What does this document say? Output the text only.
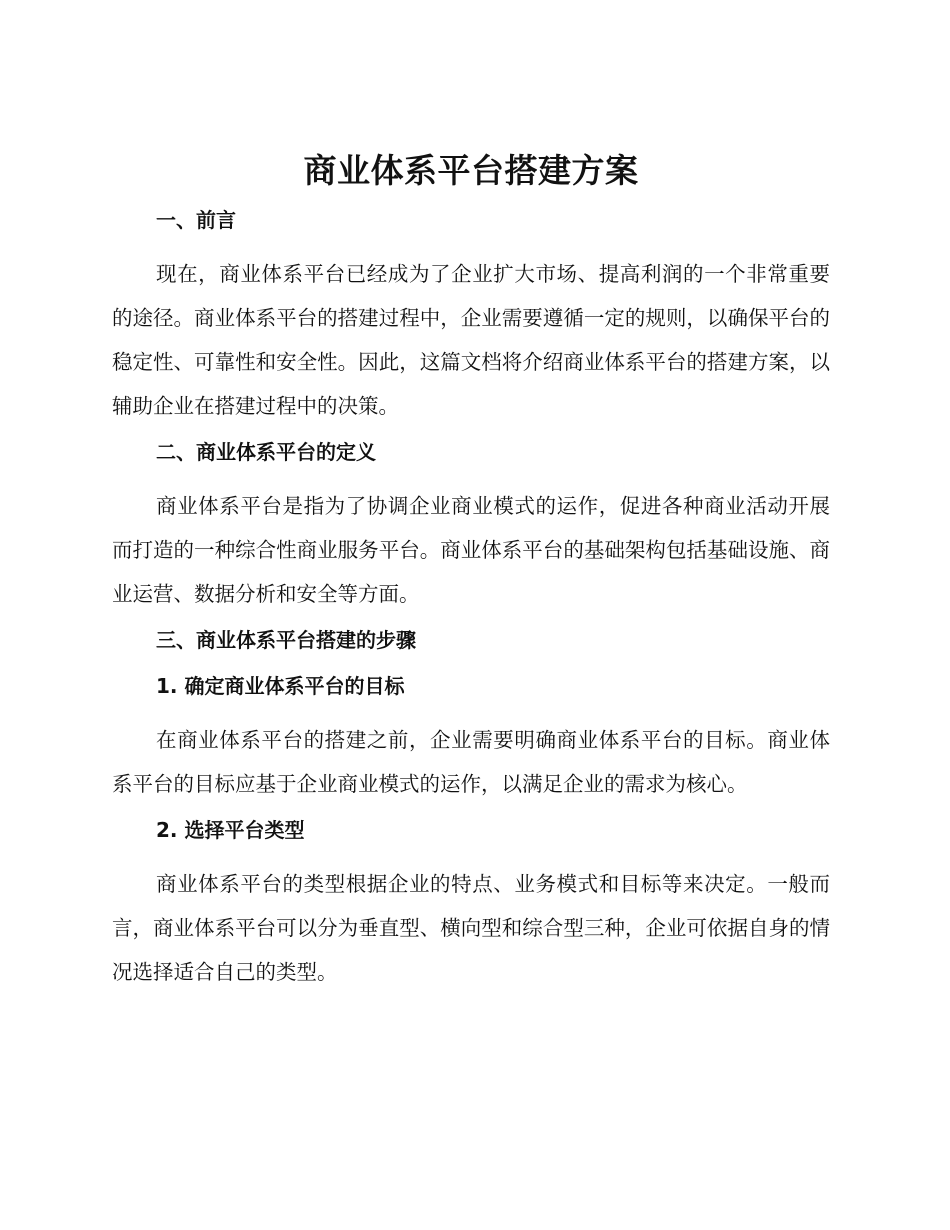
商业体系平台搭建方案
一、前言
现在，商业体系平台已经成为了企业扩大市场、提高利润的一个非常重要的途径。商业体系平台的搭建过程中，企业需要遵循一定的规则，以确保平台的稳定性、可靠性和安全性。因此，这篇文档将介绍商业体系平台的搭建方案，以辅助企业在搭建过程中的决策。
二、商业体系平台的定义
商业体系平台是指为了协调企业商业模式的运作，促进各种商业活动开展而打造的一种综合性商业服务平台。商业体系平台的基础架构包括基础设施、商业运营、数据分析和安全等方面。
三、商业体系平台搭建的步骤
1. 确定商业体系平台的目标
在商业体系平台的搭建之前，企业需要明确商业体系平台的目标。商业体系平台的目标应基于企业商业模式的运作，以满足企业的需求为核心。
2. 选择平台类型
商业体系平台的类型根据企业的特点、业务模式和目标等来决定。一般而言，商业体系平台可以分为垂直型、横向型和综合型三种，企业可依据自身的情况选择适合自己的类型。
